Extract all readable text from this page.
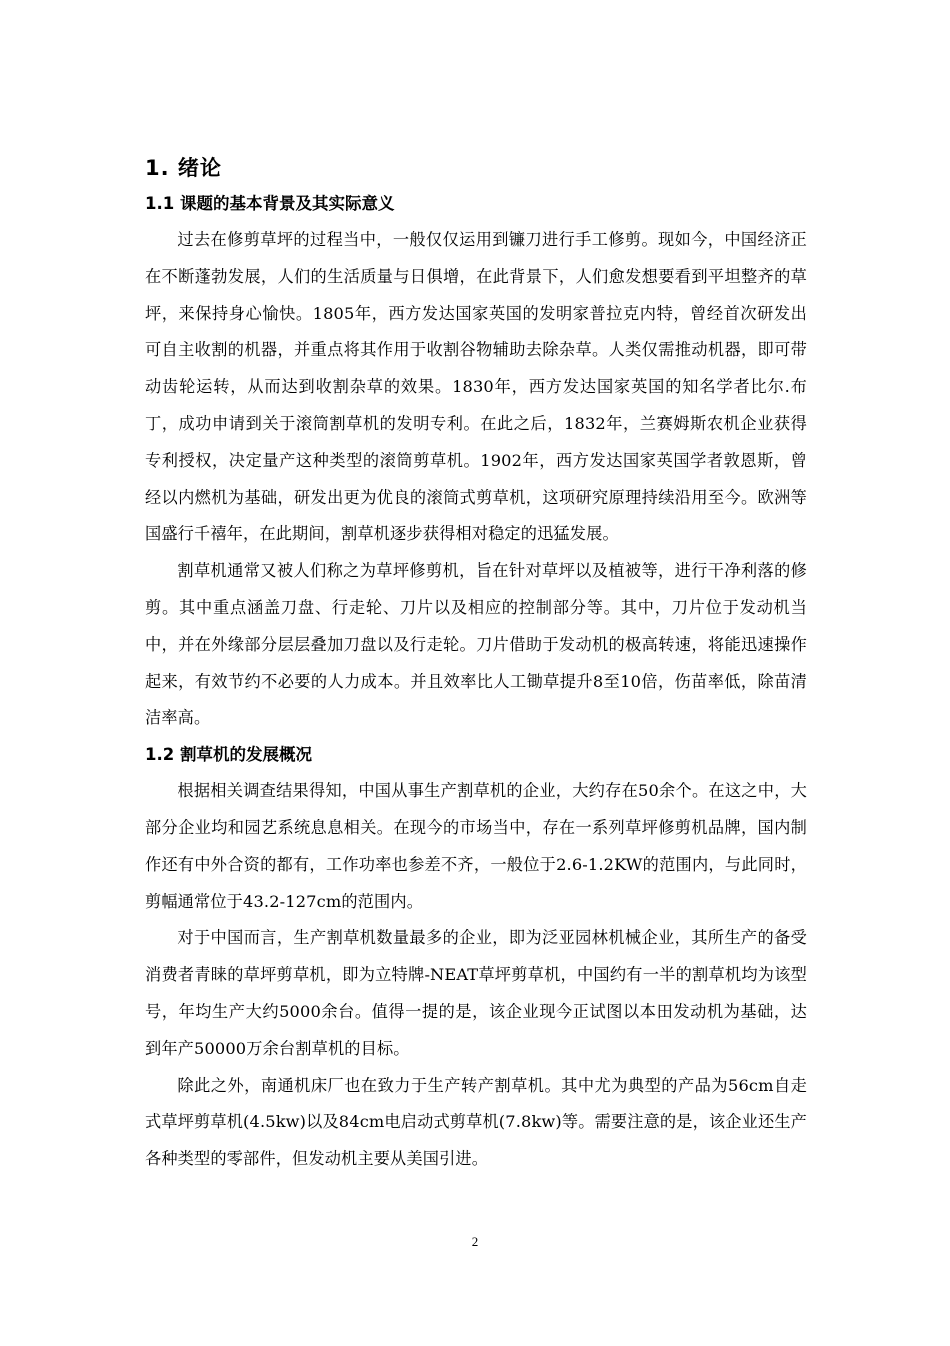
1. 绪论
1.1 课题的基本背景及其实际意义

过去在修剪草坪的过程当中，一般仅仅运用到镰刀进行手工修剪。现如今，中国经济正在不断蓬勃发展，人们的生活质量与日俱增，在此背景下，人们愈发想要看到平坦整齐的草坪，来保持身心愉快。1805年，西方发达国家英国的发明家普拉克内特，曾经首次研发出可自主收割的机器，并重点将其作用于收割谷物辅助去除杂草。人类仅需推动机器，即可带动齿轮运转，从而达到收割杂草的效果。1830年，西方发达国家英国的知名学者比尔.布丁，成功申请到关于滚筒割草机的发明专利。在此之后，1832年，兰赛姆斯农机企业获得专利授权，决定量产这种类型的滚筒剪草机。1902年，西方发达国家英国学者敦恩斯，曾经以内燃机为基础，研发出更为优良的滚筒式剪草机，这项研究原理持续沿用至今。欧洲等国盛行千禧年，在此期间，割草机逐步获得相对稳定的迅猛发展。

割草机通常又被人们称之为草坪修剪机，旨在针对草坪以及植被等，进行干净利落的修剪。其中重点涵盖刀盘、行走轮、刀片以及相应的控制部分等。其中，刀片位于发动机当中，并在外缘部分层层叠加刀盘以及行走轮。刀片借助于发动机的极高转速，将能迅速操作起来，有效节约不必要的人力成本。并且效率比人工锄草提升8至10倍，伤苗率低，除苗清洁率高。

1.2 割草机的发展概况

根据相关调查结果得知，中国从事生产割草机的企业，大约存在50余个。在这之中，大部分企业均和园艺系统息息相关。在现今的市场当中，存在一系列草坪修剪机品牌，国内制作还有中外合资的都有，工作功率也参差不齐，一般位于2.6-1.2KW的范围内，与此同时，剪幅通常位于43.2-127cm的范围内。

对于中国而言，生产割草机数量最多的企业，即为泛亚园林机械企业，其所生产的备受消费者青睐的草坪剪草机，即为立特牌-NEAT草坪剪草机，中国约有一半的割草机均为该型号，年均生产大约5000余台。值得一提的是，该企业现今正试图以本田发动机为基础，达到年产50000万余台割草机的目标。

除此之外，南通机床厂也在致力于生产转产割草机。其中尤为典型的产品为56cm自走式草坪剪草机(4.5kw)以及84cm电启动式剪草机(7.8kw)等。需要注意的是，该企业还生产各种类型的零部件，但发动机主要从美国引进。

2
